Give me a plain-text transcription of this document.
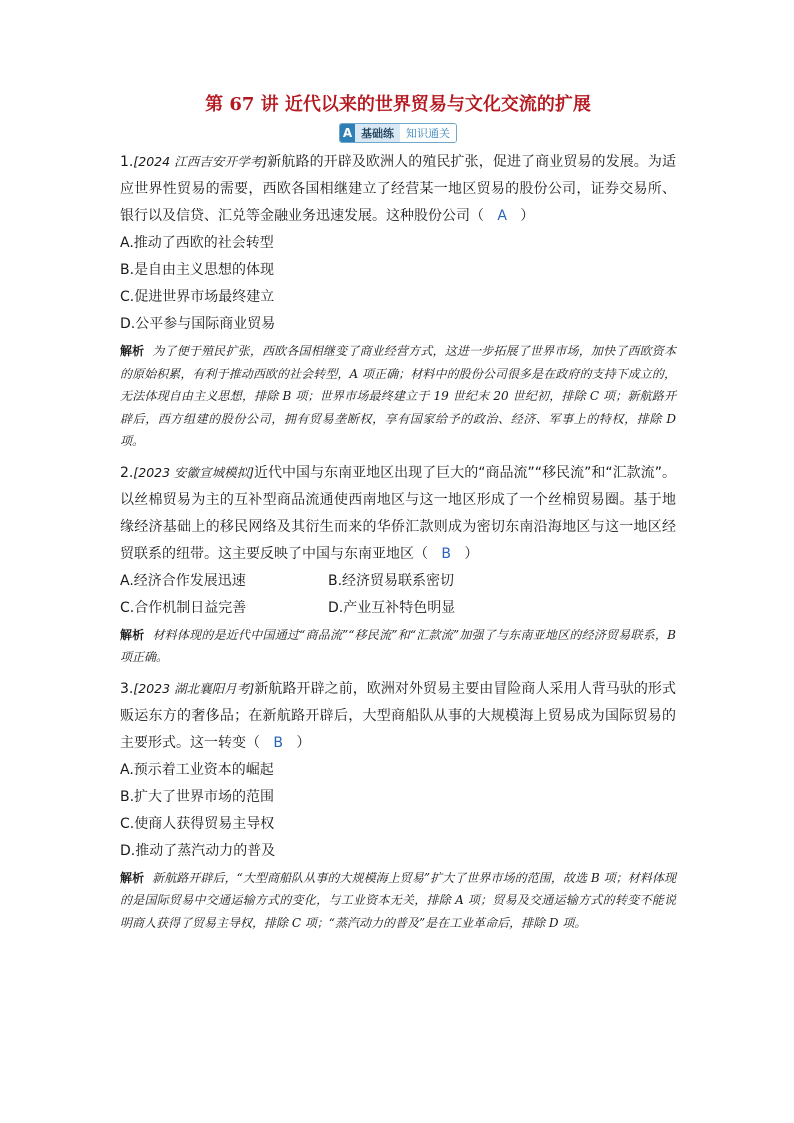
第 67 讲 近代以来的世界贸易与文化交流的扩展
A 基础练	知识通关

1.[2024 江西吉安开学考]新航路的开辟及欧洲人的殖民扩张，促进了商业贸易的发展。为适应世界性贸易的需要，西欧各国相继建立了经营某一地区贸易的股份公司，证券交易所、银行以及信贷、汇兑等金融业务迅速发展。这种股份公司（ A ）

A.推动了西欧的社会转型

B.是自由主义思想的体现

C.促进世界市场最终建立

D.公平参与国际商业贸易

解析 为了便于殖民扩张，西欧各国相继变了商业经营方式，这进一步拓展了世界市场，加快了西欧资本的原始积累，有利于推动西欧的社会转型，A 项正确；材料中的股份公司很多是在政府的支持下成立的，无法体现自由主义思想，排除 B 项；世界市场最终建立于 19 世纪末 20 世纪初，排除 C 项；新航路开辟后，西方组建的股份公司，拥有贸易垄断权，享有国家给予的政治、经济、军事上的特权，排除 D 项。

2.[2023 安徽宣城模拟]近代中国与东南亚地区出现了巨大的“商品流”“移民流”和“汇款流”。以丝棉贸易为主的互补型商品流通使西南地区与这一地区形成了一个丝棉贸易圈。基于地缘经济基础上的移民网络及其衍生而来的华侨汇款则成为密切东南沿海地区与这一地区经贸联系的纽带。这主要反映了中国与东南亚地区（ B ）

A.经济合作发展迅速	B.经济贸易联系密切
C.合作机制日益完善	D.产业互补特色明显

解析 材料体现的是近代中国通过“商品流”“移民流”和“汇款流”加强了与东南亚地区的经济贸易联系，B 项正确。

3.[2023 湖北襄阳月考]新航路开辟之前，欧洲对外贸易主要由冒险商人采用人背马驮的形式贩运东方的奢侈品；在新航路开辟后，大型商船队从事的大规模海上贸易成为国际贸易的主要形式。这一转变（ B ）

A.预示着工业资本的崛起

B.扩大了世界市场的范围

C.使商人获得贸易主导权

D.推动了蒸汽动力的普及

解析 新航路开辟后，“大型商船队从事的大规模海上贸易”扩大了世界市场的范围，故选 B 项；材料体现的是国际贸易中交通运输方式的变化，与工业资本无关，排除 A 项；贸易及交通运输方式的转变不能说明商人获得了贸易主导权，排除 C 项；“蒸汽动力的普及”是在工业革命后，排除 D 项。
